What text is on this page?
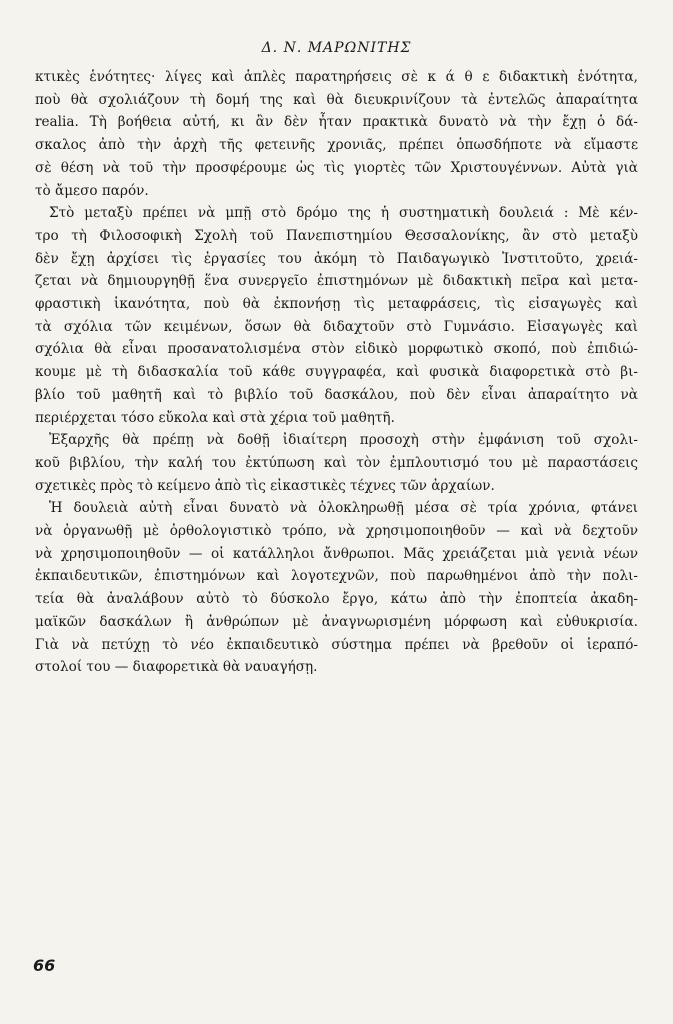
Δ. Ν. ΜΑΡΩΝΙΤΗΣ
κτικὲς ἑνότητες· λίγες καὶ ἁπλὲς παρατηρήσεις σὲ κ ά θ ε διδακτικὴ ἑνότητα,
ποὺ θὰ σχολιάζουν τὴ δομή της καὶ θὰ διευκρινίζουν τὰ ἐντελῶς ἀπαραίτητα
realia. Τὴ βοήθεια αὐτή, κι ἂν δὲν ἦταν πρακτικὰ δυνατὸ νὰ τὴν ἔχῃ ὁ δά-
σκαλος ἀπὸ τὴν ἀρχὴ τῆς φετεινῆς χρονιᾶς, πρέπει ὁπωσδήποτε νὰ εἴμαστε
σὲ θέση νὰ τοῦ τὴν προσφέρουμε ὡς τὶς γιορτὲς τῶν Χριστουγέννων. Αὐτὰ γιὰ
τὸ ἄμεσο παρόν.
Στὸ μεταξὺ πρέπει νὰ μπῇ στὸ δρόμο της ἡ συστηματικὴ δουλειά : Μὲ κέν-
τρο τὴ Φιλοσοφικὴ Σχολὴ τοῦ Πανεπιστημίου Θεσσαλονίκης, ἂν στὸ μεταξὺ
δὲν ἔχῃ ἀρχίσει τὶς ἐργασίες του ἀκόμη τὸ Παιδαγωγικὸ Ἰνστιτοῦτο, χρειά-
ζεται νὰ δημιουργηθῇ ἕνα συνεργεῖο ἐπιστημόνων μὲ διδακτικὴ πεῖρα καὶ μετα-
φραστικὴ ἱκανότητα, ποὺ θὰ ἐκπονήσῃ τὶς μεταφράσεις, τὶς εἰσαγωγὲς καὶ
τὰ σχόλια τῶν κειμένων, ὅσων θὰ διδαχτοῦν στὸ Γυμνάσιο. Εἰσαγωγὲς καὶ
σχόλια θὰ εἶναι προσανατολισμένα στὸν εἰδικὸ μορφωτικὸ σκοπό, ποὺ ἐπιδιώ-
κουμε μὲ τὴ διδασκαλία τοῦ κάθε συγγραφέα, καὶ φυσικὰ διαφορετικὰ στὸ βι-
βλίο τοῦ μαθητῆ καὶ τὸ βιβλίο τοῦ δασκάλου, ποὺ δὲν εἶναι ἀπαραίτητο νὰ
περιέρχεται τόσο εὔκολα καὶ στὰ χέρια τοῦ μαθητῆ.
Ἐξαρχῆς θὰ πρέπῃ νὰ δοθῇ ἰδιαίτερη προσοχὴ στὴν ἐμφάνιση τοῦ σχολι-
κοῦ βιβλίου, τὴν καλή του ἐκτύπωση καὶ τὸν ἐμπλουτισμό του μὲ παραστάσεις
σχετικὲς πρὸς τὸ κείμενο ἀπὸ τὶς εἰκαστικὲς τέχνες τῶν ἀρχαίων.
Ἡ δουλειὰ αὐτὴ εἶναι δυνατὸ νὰ ὁλοκληρωθῇ μέσα σὲ τρία χρόνια, φτάνει
νὰ ὀργανωθῇ μὲ ὀρθολογιστικὸ τρόπο, νὰ χρησιμοποιηθοῦν — καὶ νὰ δεχτοῦν
νὰ χρησιμοποιηθοῦν — οἱ κατάλληλοι ἄνθρωποι. Μᾶς χρειάζεται μιὰ γενιὰ νέων
ἐκπαιδευτικῶν, ἐπιστημόνων καὶ λογοτεχνῶν, ποὺ παρωθημένοι ἀπὸ τὴν πολι-
τεία θὰ ἀναλάβουν αὐτὸ τὸ δύσκολο ἔργο, κάτω ἀπὸ τὴν ἐποπτεία ἀκαδη-
μαϊκῶν δασκάλων ἢ ἀνθρώπων μὲ ἀναγνωρισμένη μόρφωση καὶ εὐθυκρισία.
Γιὰ νὰ πετύχῃ τὸ νέο ἐκπαιδευτικὸ σύστημα πρέπει νὰ βρεθοῦν οἱ ἱεραπό-
στολοί του — διαφορετικὰ θὰ ναυαγήσῃ.
66
